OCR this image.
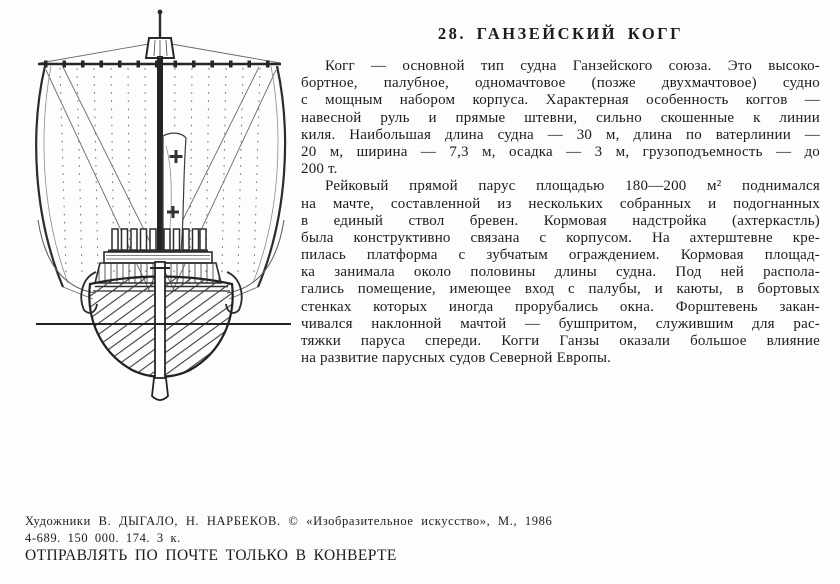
28. ГАНЗЕЙСКИЙ КОГГ
Когг — основной тип судна Ганзейского союза. Это высоко-
бортное, палубное, одномачтовое (позже двухмачтовое) судно
с мощным набором корпуса. Характерная особенность коггов —
навесной руль и прямые штевни, сильно скошенные к линии
киля. Наибольшая длина судна — 30 м, длина по ватерлинии —
20 м, ширина — 7,3 м, осадка — 3 м, грузоподъемность — до
200 т.
Рейковый прямой парус площадью 180—200 м² поднимался
на мачте, составленной из нескольких собранных и подогнанных
в единый ствол бревен. Кормовая надстройка (ахтеркастль)
была конструктивно связана с корпусом. На ахтерштевне кре-
пилась платформа с зубчатым ограждением. Кормовая площад-
ка занимала около половины длины судна. Под ней распола-
гались помещение, имеющее вход с палубы, и каюты, в бортовых
стенках которых иногда прорубались окна. Форштевень закан-
чивался наклонной мачтой — бушпритом, служившим для рас-
тяжки паруса спереди. Когги Ганзы оказали большое влияние
на развитие парусных судов Северной Европы.
Художники В. ДЫГАЛО, Н. НАРБЕКОВ. © «Изобразительное искусство», М., 1986
4-689. 150 000. 174. 3 к.
ОТПРАВЛЯТЬ ПО ПОЧТЕ ТОЛЬКО В КОНВЕРТЕ
